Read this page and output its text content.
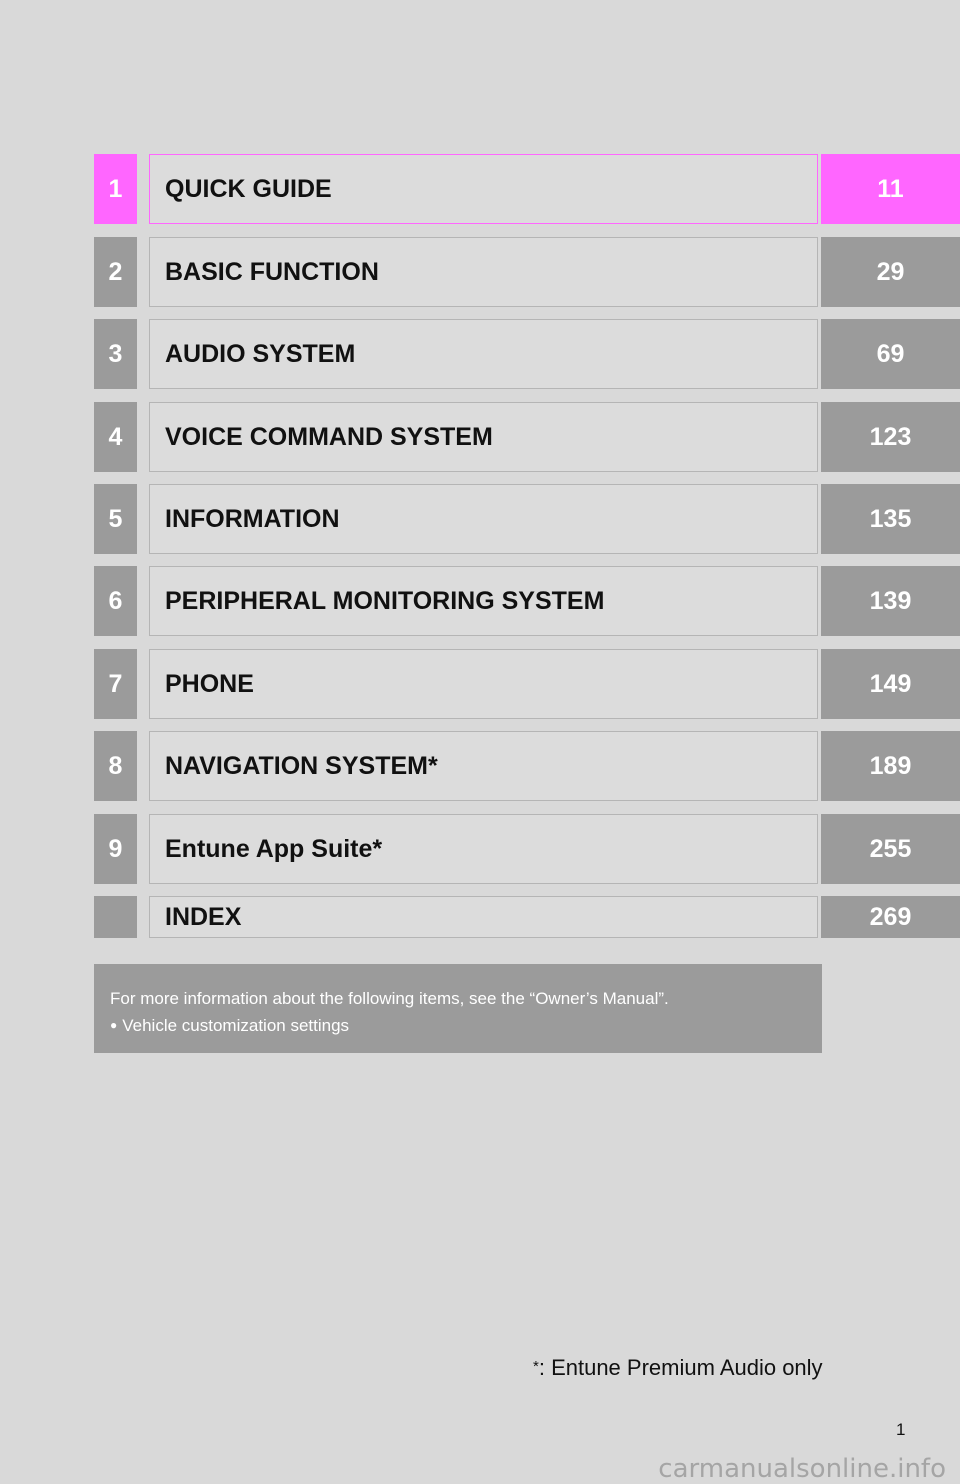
1	QUICK GUIDE	11
2	BASIC FUNCTION	29
3	AUDIO SYSTEM	69
4	VOICE COMMAND SYSTEM	123
5	INFORMATION	135
6	PERIPHERAL MONITORING SYSTEM	139
7	PHONE	149
8	NAVIGATION SYSTEM*	189
9	Entune App Suite*	255
INDEX	269
For more information about the following items, see the “Owner’s Manual”.
● Vehicle customization settings
*: Entune Premium Audio only
1
carmanualsonline.info
